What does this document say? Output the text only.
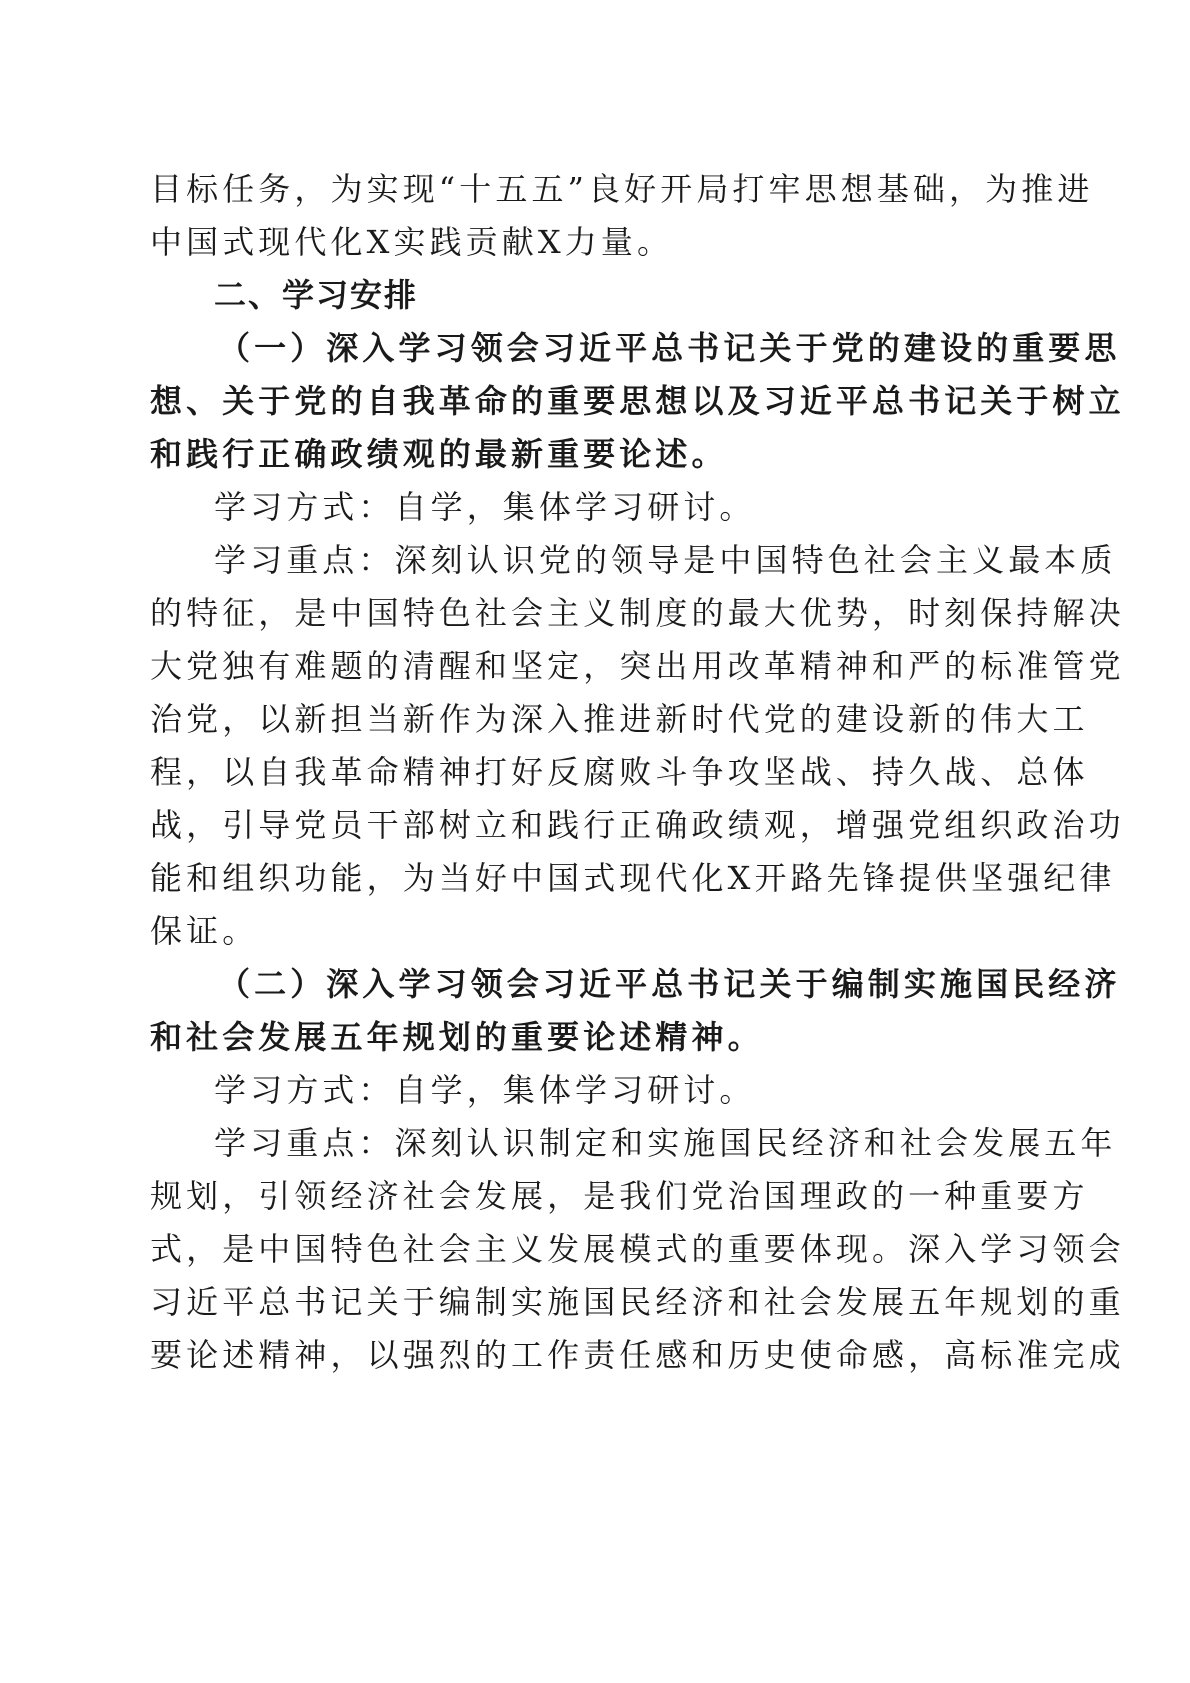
目标任务，为实现“十五五”良好开局打牢思想基础，为推进
中国式现代化X实践贡献X力量。
二、学习安排
（一）深入学习领会习近平总书记关于党的建设的重要思
想、关于党的自我革命的重要思想以及习近平总书记关于树立
和践行正确政绩观的最新重要论述。
学习方式：自学，集体学习研讨。
学习重点：深刻认识党的领导是中国特色社会主义最本质
的特征，是中国特色社会主义制度的最大优势，时刻保持解决
大党独有难题的清醒和坚定，突出用改革精神和严的标准管党
治党，以新担当新作为深入推进新时代党的建设新的伟大工
程，以自我革命精神打好反腐败斗争攻坚战、持久战、总体
战，引导党员干部树立和践行正确政绩观，增强党组织政治功
能和组织功能，为当好中国式现代化X开路先锋提供坚强纪律
保证。
（二）深入学习领会习近平总书记关于编制实施国民经济
和社会发展五年规划的重要论述精神。
学习方式：自学，集体学习研讨。
学习重点：深刻认识制定和实施国民经济和社会发展五年
规划，引领经济社会发展，是我们党治国理政的一种重要方
式，是中国特色社会主义发展模式的重要体现。深入学习领会
习近平总书记关于编制实施国民经济和社会发展五年规划的重
要论述精神，以强烈的工作责任感和历史使命感，高标准完成
